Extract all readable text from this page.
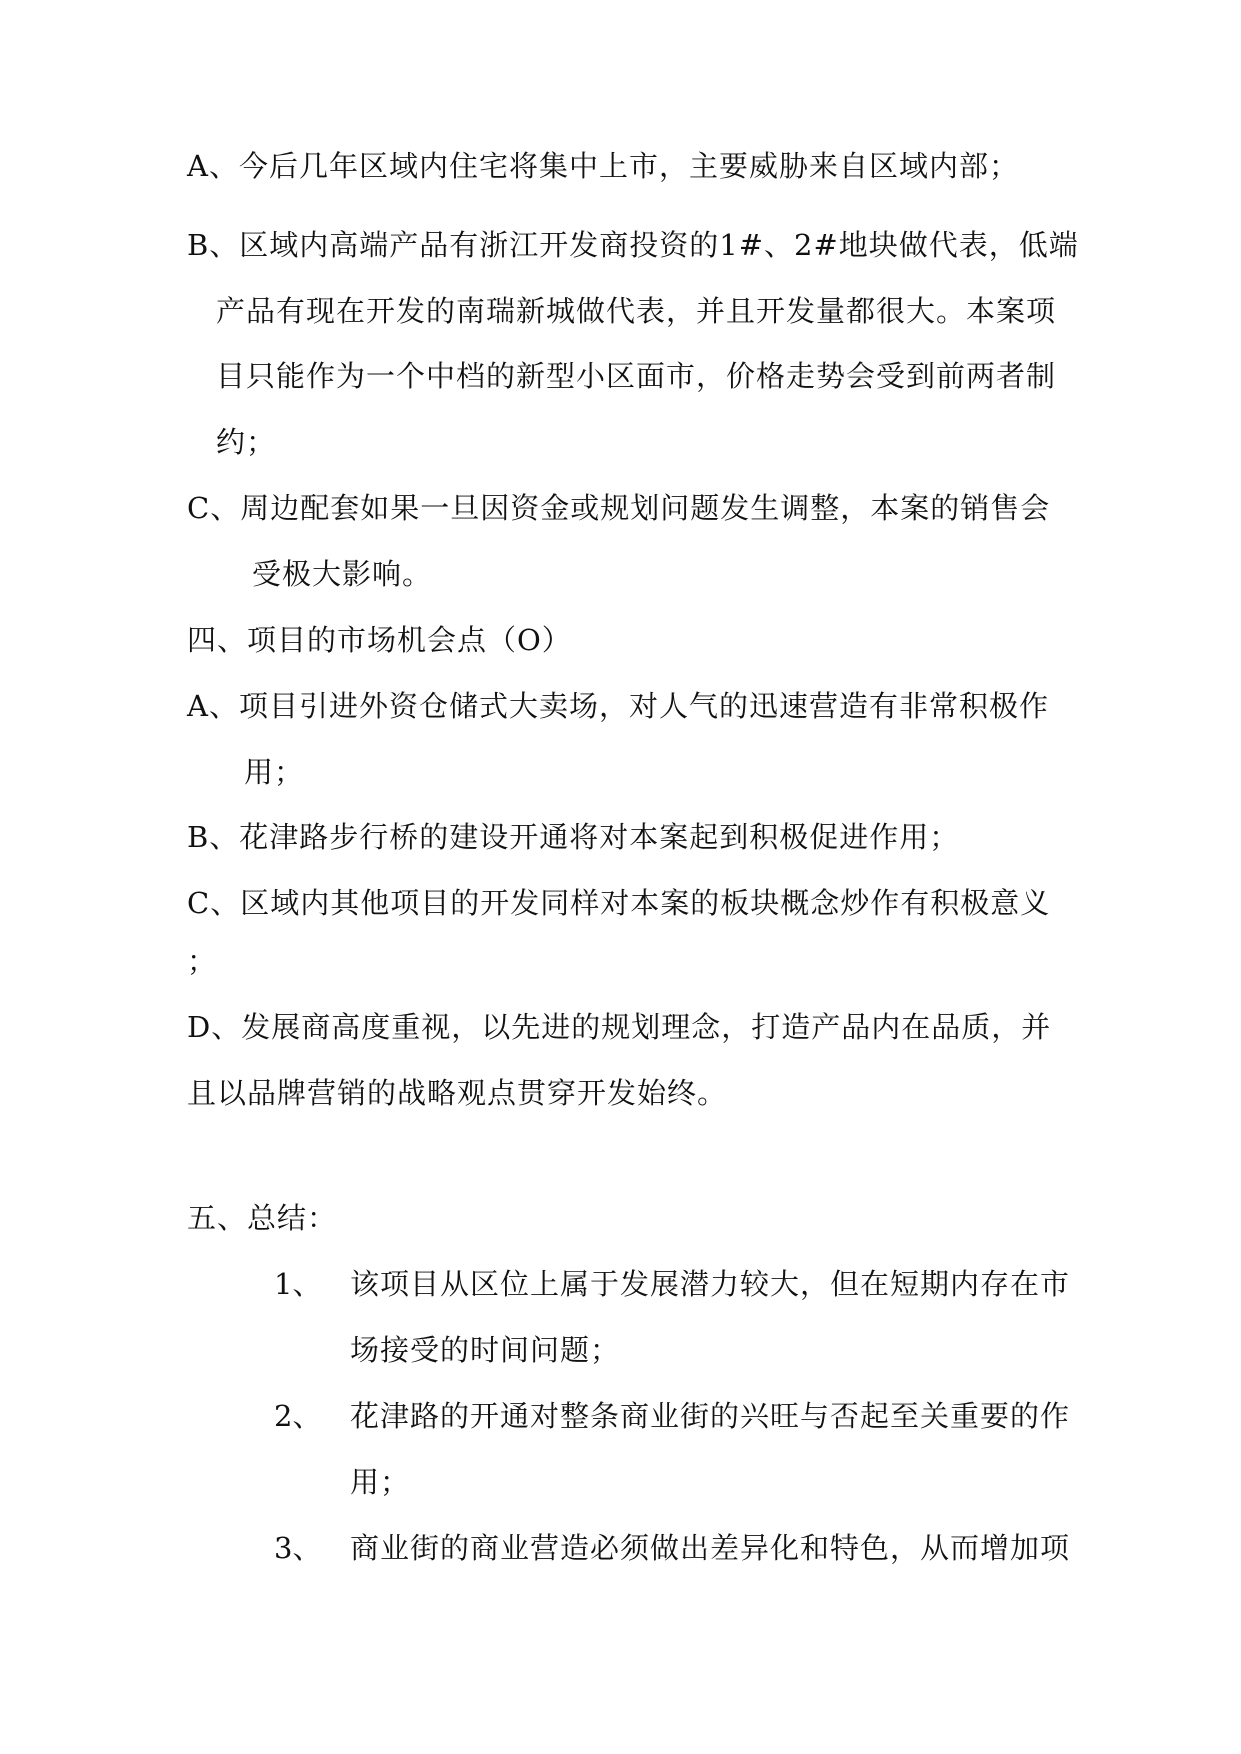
A、今后几年区域内住宅将集中上市，主要威胁来自区域内部；
B、区域内高端产品有浙江开发商投资的1#、2#地块做代表，低端
产品有现在开发的南瑞新城做代表，并且开发量都很大。本案项
目只能作为一个中档的新型小区面市，价格走势会受到前两者制
约；
C、周边配套如果一旦因资金或规划问题发生调整，本案的销售会
受极大影响。
四、项目的市场机会点（O）
A、项目引进外资仓储式大卖场，对人气的迅速营造有非常积极作
用；
B、花津路步行桥的建设开通将对本案起到积极促进作用；
C、区域内其他项目的开发同样对本案的板块概念炒作有积极意义
；
D、发展商高度重视，以先进的规划理念，打造产品内在品质，并
且以品牌营销的战略观点贯穿开发始终。
五、总结：
1、 该项目从区位上属于发展潜力较大，但在短期内存在市
场接受的时间问题；
2、 花津路的开通对整条商业街的兴旺与否起至关重要的作
用；
3、 商业街的商业营造必须做出差异化和特色，从而增加项
